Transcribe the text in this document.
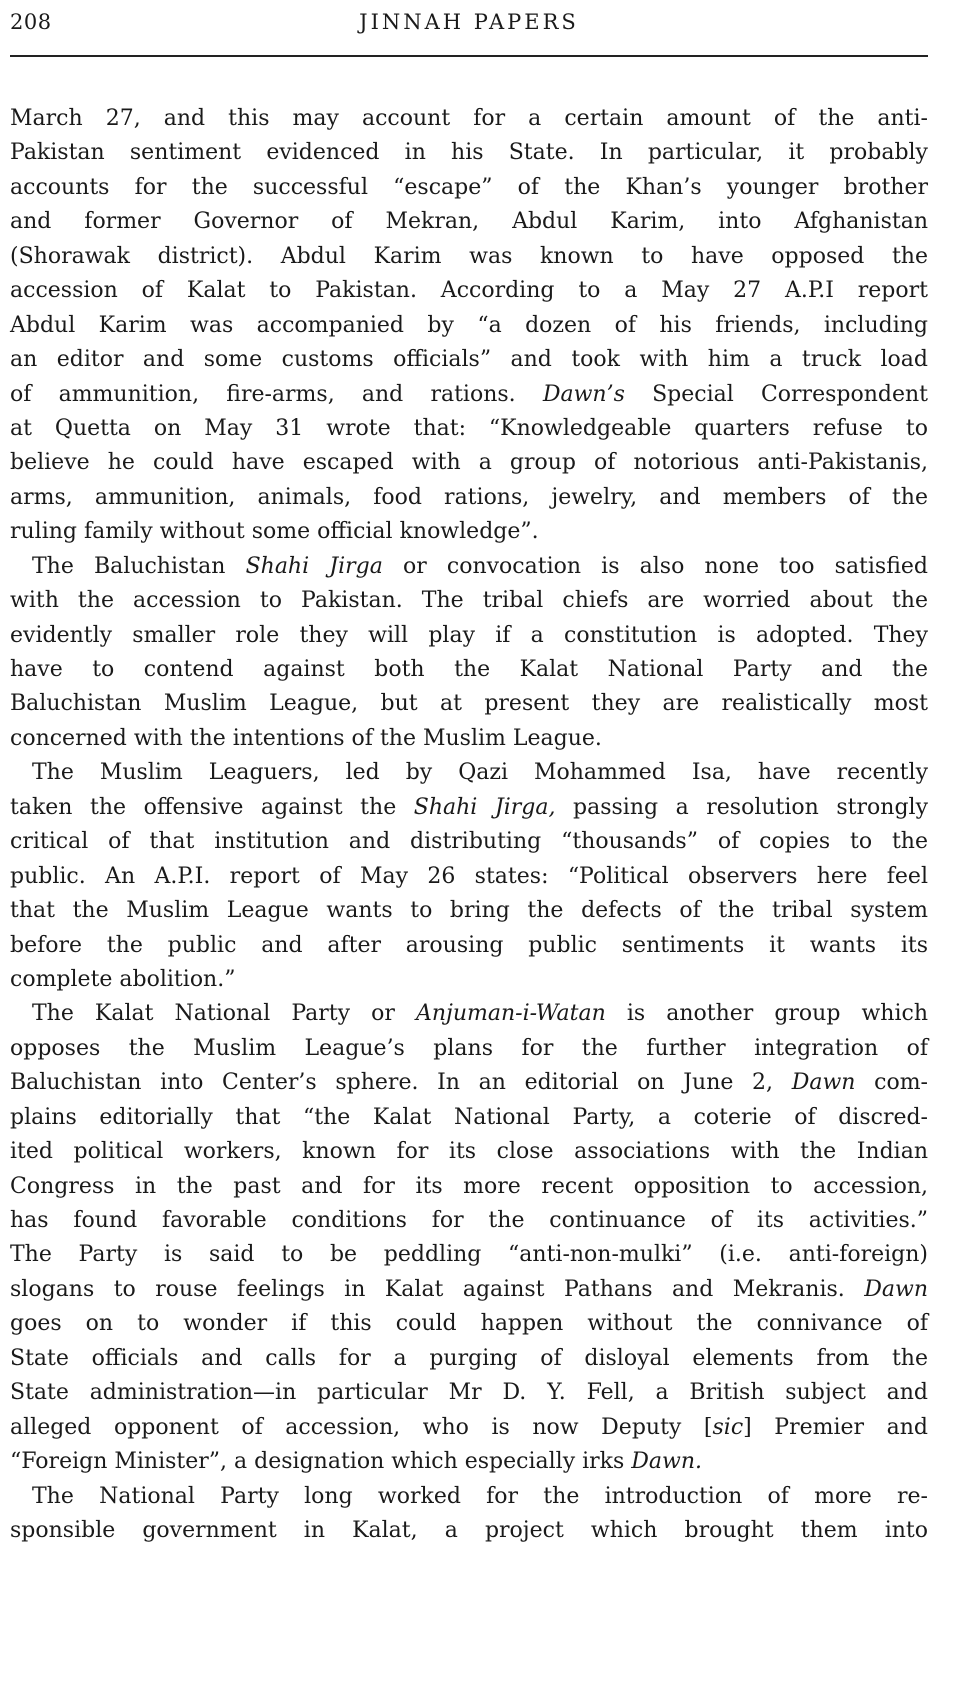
208	JINNAH PAPERS
March 27, and this may account for a certain amount of the anti-
Pakistan sentiment evidenced in his State. In particular, it probably
accounts for the successful “escape” of the Khan’s younger brother
and former Governor of Mekran, Abdul Karim, into Afghanistan
(Shorawak district). Abdul Karim was known to have opposed the
accession of Kalat to Pakistan. According to a May 27 A.P.I report
Abdul Karim was accompanied by “a dozen of his friends, including
an editor and some customs officials” and took with him a truck load
of ammunition, fire-arms, and rations. Dawn’s Special Correspondent
at Quetta on May 31 wrote that: “Knowledgeable quarters refuse to
believe he could have escaped with a group of notorious anti-Pakistanis,
arms, ammunition, animals, food rations, jewelry, and members of the
ruling family without some official knowledge”.
The Baluchistan Shahi Jirga or convocation is also none too satisfied
with the accession to Pakistan. The tribal chiefs are worried about the
evidently smaller role they will play if a constitution is adopted. They
have to contend against both the Kalat National Party and the
Baluchistan Muslim League, but at present they are realistically most
concerned with the intentions of the Muslim League.
The Muslim Leaguers, led by Qazi Mohammed Isa, have recently
taken the offensive against the Shahi Jirga, passing a resolution strongly
critical of that institution and distributing “thousands” of copies to the
public. An A.P.I. report of May 26 states: “Political observers here feel
that the Muslim League wants to bring the defects of the tribal system
before the public and after arousing public sentiments it wants its
complete abolition.”
The Kalat National Party or Anjuman-i-Watan is another group which
opposes the Muslim League’s plans for the further integration of
Baluchistan into Center’s sphere. In an editorial on June 2, Dawn com-
plains editorially that “the Kalat National Party, a coterie of discred-
ited political workers, known for its close associations with the Indian
Congress in the past and for its more recent opposition to accession,
has found favorable conditions for the continuance of its activities.”
The Party is said to be peddling “anti-non-mulki” (i.e. anti-foreign)
slogans to rouse feelings in Kalat against Pathans and Mekranis. Dawn
goes on to wonder if this could happen without the connivance of
State officials and calls for a purging of disloyal elements from the
State administration—in particular Mr D. Y. Fell, a British subject and
alleged opponent of accession, who is now Deputy [sic] Premier and
“Foreign Minister”, a designation which especially irks Dawn.
The National Party long worked for the introduction of more re-
sponsible government in Kalat, a project which brought them into
